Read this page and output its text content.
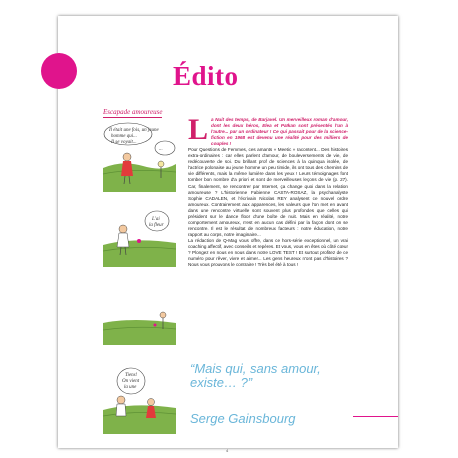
Édito
Escapade amoureuse
Il était une fois, un jeune
homme qui...
Il se voyait...
...
L'ai
la fleur
Tiens!
On vient
la une

L a Nuit des temps, de Barjavel. Un merveilleux roman d'amour, dont les deux héros, Elea et Païkan sont présentés l'un à l'autre... par un ordinateur ! Ce qui passait pour de la science-fiction en 1968 est devenu une réalité pour des milliers de couples !

Pour Questions de Femmes, ces amants « Meetic » racontent... Des histoires extra-ordinaires : car elles parlent d'amour, de bouleversements de vie, de redécouverte de soi. Du brillant prof de sciences à la quinqua isolée, de l'actrice polonaise au jeune homme un peu timide, ils ont tous des chemins de vie différents, mais la même lumière dans les yeux ! Leurs témoignages font tomber bon nombre d'a priori et sont de merveilleuses leçons de vie (p. 27). Car, finalement, se rencontrer par Internet, ça change quoi dans la relation amoureuse ? L'historienne Fabienne CASTA-ROSAZ, la psychanalyste Sophie CADALEN, et l'écrivain Nicolas REY analysent ce nouvel ordre amoureux. Contrairement aux apparences, les valeurs que l'on met en avant dans une rencontre virtuelle sont souvent plus profondes que celles qui président sur le dance floor d'une boîte de nuit. Mais en réalité, notre comportement amoureux, n'est en aucun cas défini par la façon dont on se rencontre. Il est le résultat de nombreux facteurs : notre éducation, notre rapport au corps, notre imaginaire...

La rédaction de Q-Mag vous offre, dans ce hors-série exceptionnel, un vrai coaching affectif, avec conseils et repères. Et vous, vous en êtes où côté cœur ? Plongez en nous en nous dans notre LOVE TEST ! Et surtout profitez de ce numéro pour rêver, vivre et aimer... Les gens heureux n'ont pas d'histoires ? Nous vous prouvons le contraire ! Très bel été à tous !

“Mais qui, sans amour, existe… ?”

Serge Gainsbourg

4
